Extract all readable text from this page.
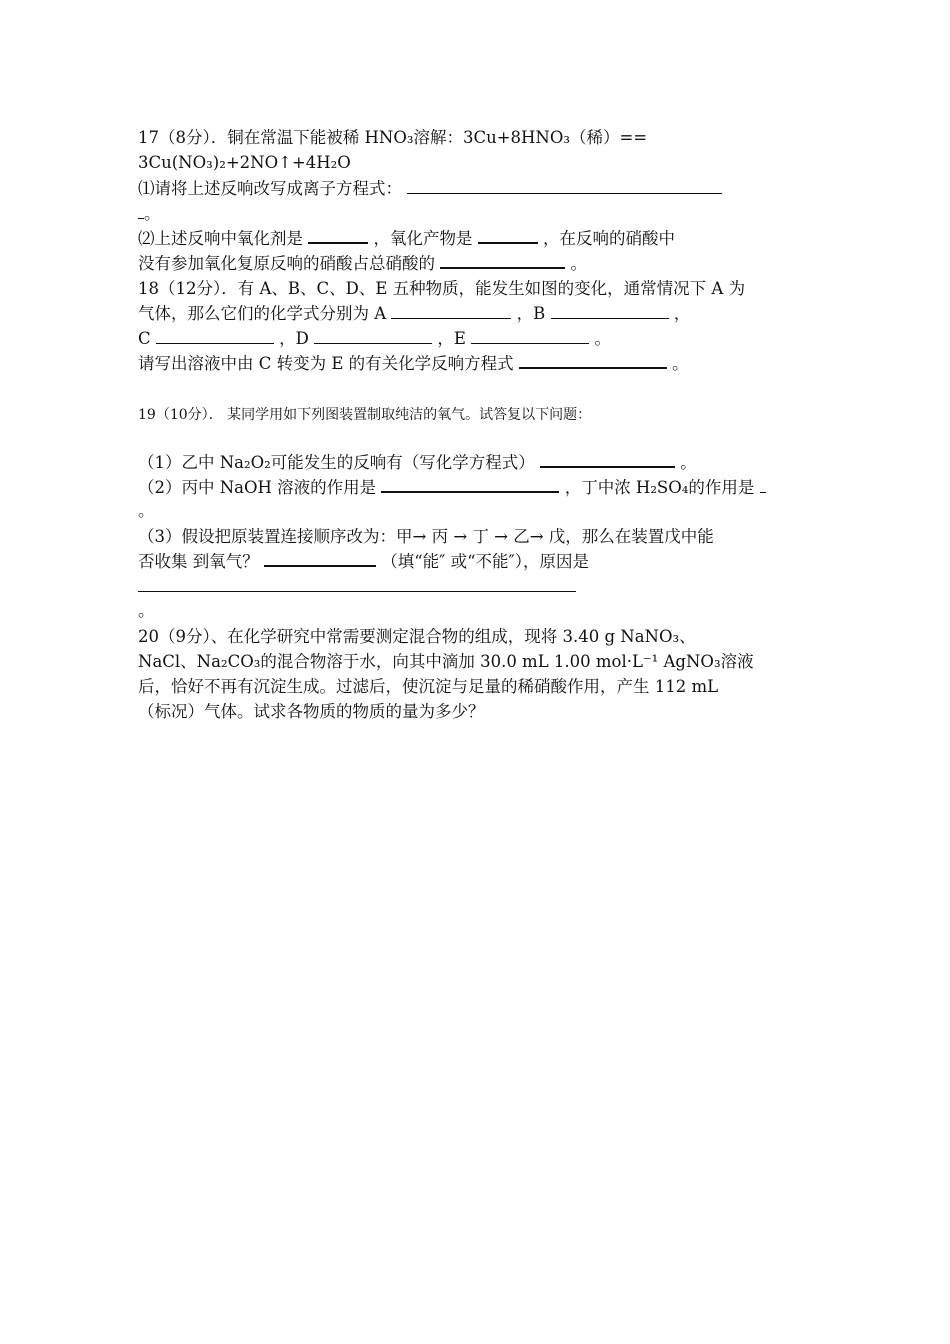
17（8分）．铜在常温下能被稀 HNO₃溶解：3Cu+8HNO₃（稀）==
3Cu(NO₃)₂+2NO↑+4H₂O
⑴请将上述反响改写成离子方程式：
。
⑵上述反响中氧化剂是	，氧化产物是	，在反响的硝酸中
没有参加氧化复原反响的硝酸占总硝酸的	。
18（12分）．有 A、B、C、D、E 五种物质，能发生如图的变化，通常情况下 A 为
气体，那么它们的化学式分别为 A	，B	，
C	，D	，E	。
请写出溶液中由 C 转变为 E 的有关化学反响方程式	。
19（10分）． 某同学用如下列图装置制取纯洁的氧气。试答复以下问题：
（1）乙中 Na₂O₂可能发生的反响有（写化学方程式）	。
（2）丙中 NaOH 溶液的作用是	，丁中浓 H₂SO₄的作用是
。
（3）假设把原装置连接顺序改为：甲→ 丙 → 丁 → 乙→ 戊，那么在装置戊中能
否收集 到氧气？	（填“能″ 或“不能″），原因是
。
20（9分）、在化学研究中常需要测定混合物的组成，现将 3.40 g NaNO₃、
NaCl、Na₂CO₃的混合物溶于水，向其中滴加 30.0 mL 1.00 mol·L⁻¹ AgNO₃溶液
后，恰好不再有沉淀生成。过滤后，使沉淀与足量的稀硝酸作用，产生 112 mL
（标况）气体。试求各物质的物质的量为多少？
